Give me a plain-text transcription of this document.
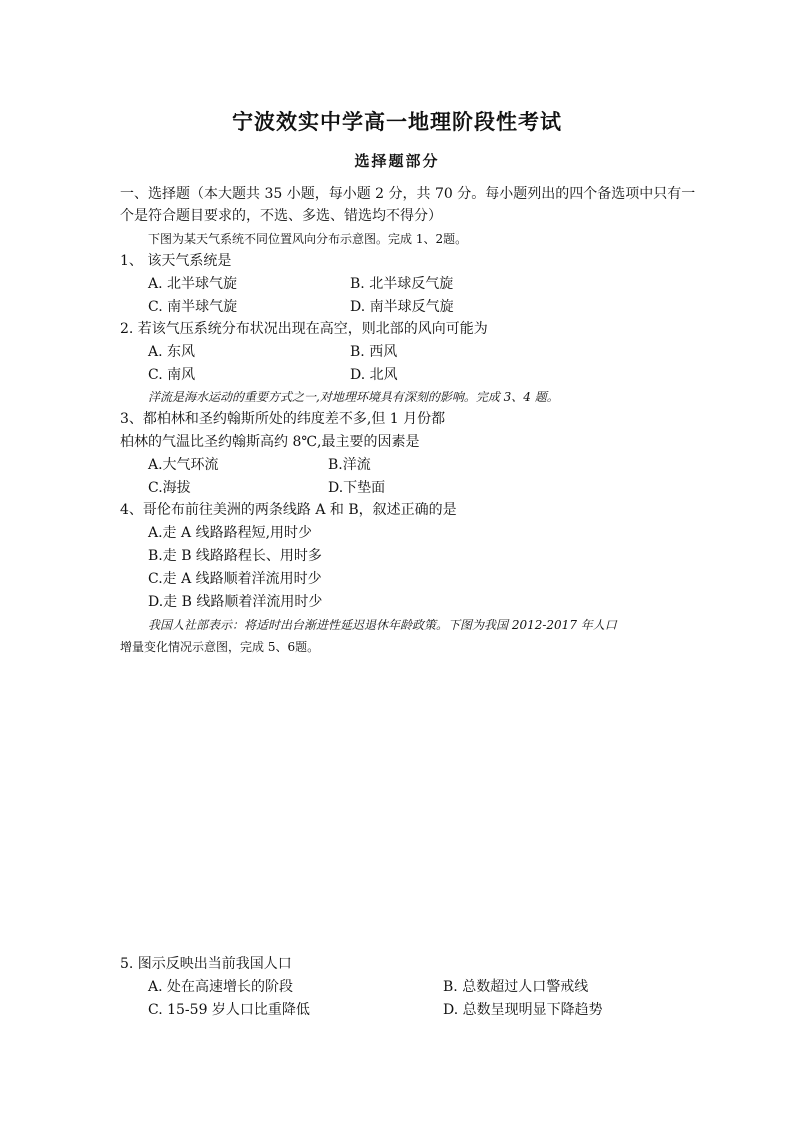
宁波效实中学高一地理阶段性考试
选择题部分
一、选择题（本大题共 35 小题，每小题 2 分，共 70 分。每小题列出的四个备选项中只有一
个是符合题目要求的，不选、多选、错选均不得分）
下图为某天气系统不同位置风向分布示意图。完成 1、2题。
1、 该天气系统是
A. 北半球气旋	B. 北半球反气旋
C. 南半球气旋	D. 南半球反气旋
2. 若该气压系统分布状况出现在高空，则北部的风向可能为
A. 东风	B. 西风
C. 南风	D. 北风
洋流是海水运动的重要方式之一,对地理环境具有深刻的影响。完成 3、4 题。
3、都柏林和圣约翰斯所处的纬度差不多,但 1 月份都
柏林的气温比圣约翰斯高约 8℃,最主要的因素是
A.大气环流	B.洋流
C.海拔	D.下垫面
4、哥伦布前往美洲的两条线路 A 和 B，叙述正确的是
A.走 A 线路路程短,用时少
B.走 B 线路路程长、用时多
C.走 A 线路顺着洋流用时少
D.走 B 线路顺着洋流用时少
我国人社部表示：将适时出台渐进性延迟退休年龄政策。下图为我国 2012-2017 年人口
增量变化情况示意图，完成 5、6题。
5. 图示反映出当前我国人口
A. 处在高速增长的阶段	B. 总数超过人口警戒线
C. 15-59 岁人口比重降低	D. 总数呈现明显下降趋势
